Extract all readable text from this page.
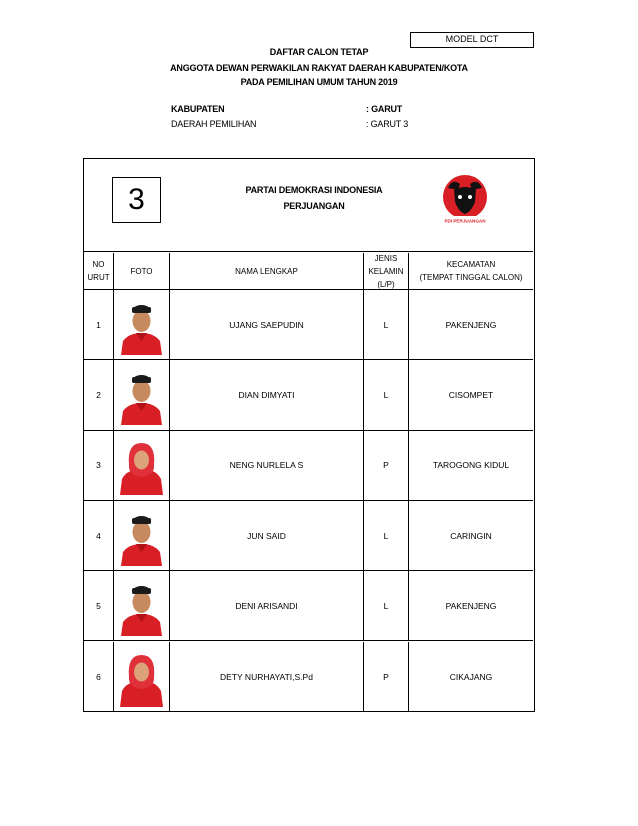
MODEL DCT
DAFTAR CALON TETAP
ANGGOTA DEWAN PERWAKILAN RAKYAT DAERAH KABUPATEN/KOTA
PADA PEMILIHAN UMUM TAHUN 2019
KABUPATEN	: GARUT
DAERAH PEMILIHAN	: GARUT 3
3	PARTAI DEMOKRASI INDONESIA
PERJUANGAN
PDI PERJUANGAN
NO
URUT
FOTO	NAMA LENGKAP
JENIS
KELAMIN
(L/P)
KECAMATAN
(TEMPAT TINGGAL CALON)
1	UJANG SAEPUDIN	L	PAKENJENG
2	DIAN DIMYATI	L	CISOMPET
3	NENG NURLELA S	P	TAROGONG KIDUL
4	JUN SAID	L	CARINGIN
5	DENI ARISANDI	L	PAKENJENG
6	DETY NURHAYATI,S.Pd	P	CIKAJANG
